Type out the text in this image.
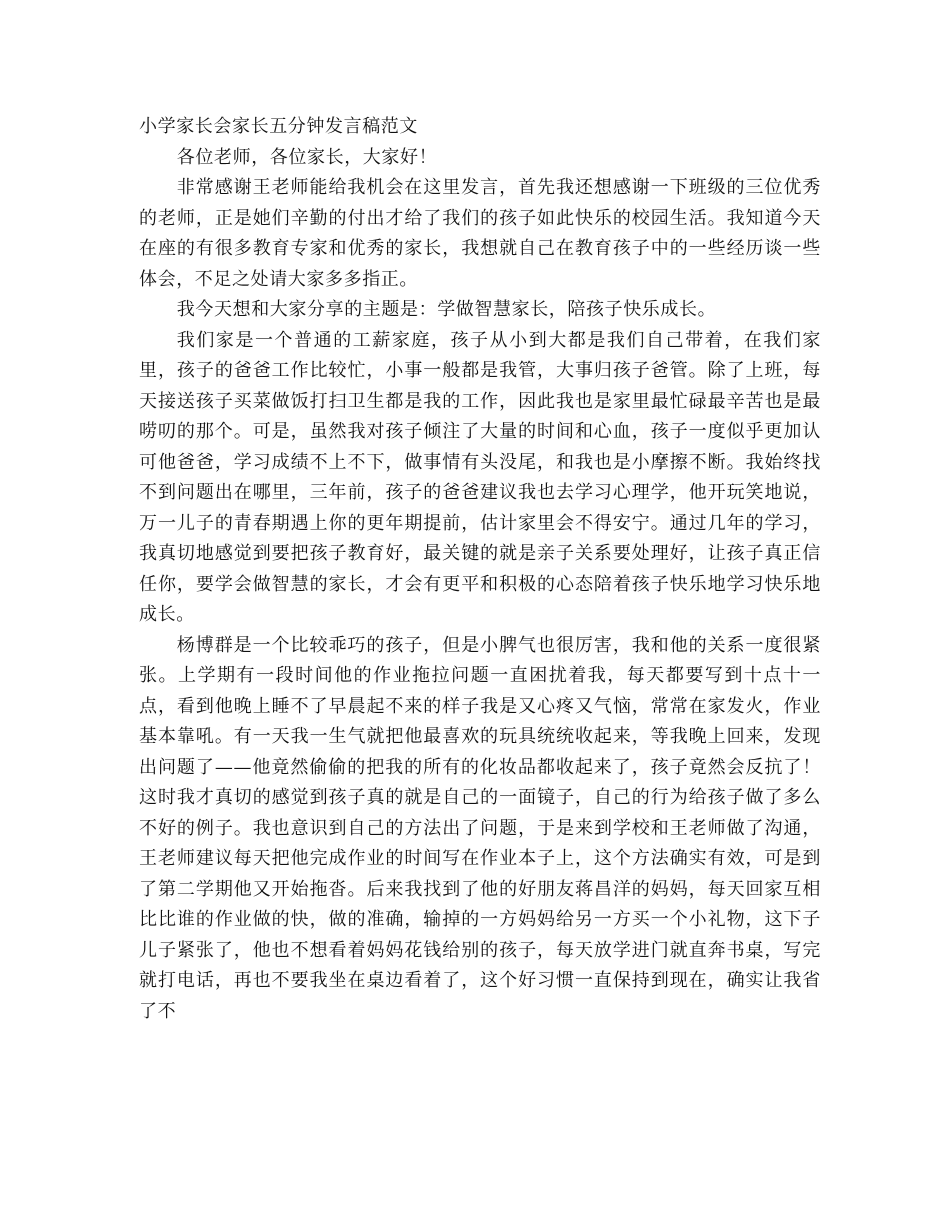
小学家长会家长五分钟发言稿范文

各位老师，各位家长，大家好！

非常感谢王老师能给我机会在这里发言，首先我还想感谢一下班级的三位优秀的老师，正是她们辛勤的付出才给了我们的孩子如此快乐的校园生活。我知道今天在座的有很多教育专家和优秀的家长，我想就自己在教育孩子中的一些经历谈一些体会，不足之处请大家多多指正。

我今天想和大家分享的主题是：学做智慧家长，陪孩子快乐成长。

我们家是一个普通的工薪家庭，孩子从小到大都是我们自己带着，在我们家里，孩子的爸爸工作比较忙，小事一般都是我管，大事归孩子爸管。除了上班，每天接送孩子买菜做饭打扫卫生都是我的工作，因此我也是家里最忙碌最辛苦也是最唠叨的那个。可是，虽然我对孩子倾注了大量的时间和心血，孩子一度似乎更加认可他爸爸，学习成绩不上不下，做事情有头没尾，和我也是小摩擦不断。我始终找不到问题出在哪里，三年前，孩子的爸爸建议我也去学习心理学，他开玩笑地说，万一儿子的青春期遇上你的更年期提前，估计家里会不得安宁。通过几年的学习，我真切地感觉到要把孩子教育好，最关键的就是亲子关系要处理好，让孩子真正信任你，要学会做智慧的家长，才会有更平和积极的心态陪着孩子快乐地学习快乐地成长。

杨博群是一个比较乖巧的孩子，但是小脾气也很厉害，我和他的关系一度很紧张。上学期有一段时间他的作业拖拉问题一直困扰着我，每天都要写到十点十一点，看到他晚上睡不了早晨起不来的样子我是又心疼又气恼，常常在家发火，作业基本靠吼。有一天我一生气就把他最喜欢的玩具统统收起来，等我晚上回来，发现出问题了——他竟然偷偷的把我的所有的化妆品都收起来了，孩子竟然会反抗了！这时我才真切的感觉到孩子真的就是自己的一面镜子，自己的行为给孩子做了多么不好的例子。我也意识到自己的方法出了问题，于是来到学校和王老师做了沟通，王老师建议每天把他完成作业的时间写在作业本子上，这个方法确实有效，可是到了第二学期他又开始拖沓。后来我找到了他的好朋友蒋昌洋的妈妈，每天回家互相比比谁的作业做的快，做的准确，输掉的一方妈妈给另一方买一个小礼物，这下子儿子紧张了，他也不想看着妈妈花钱给别的孩子，每天放学进门就直奔书桌，写完就打电话，再也不要我坐在桌边看着了，这个好习惯一直保持到现在，确实让我省了不
